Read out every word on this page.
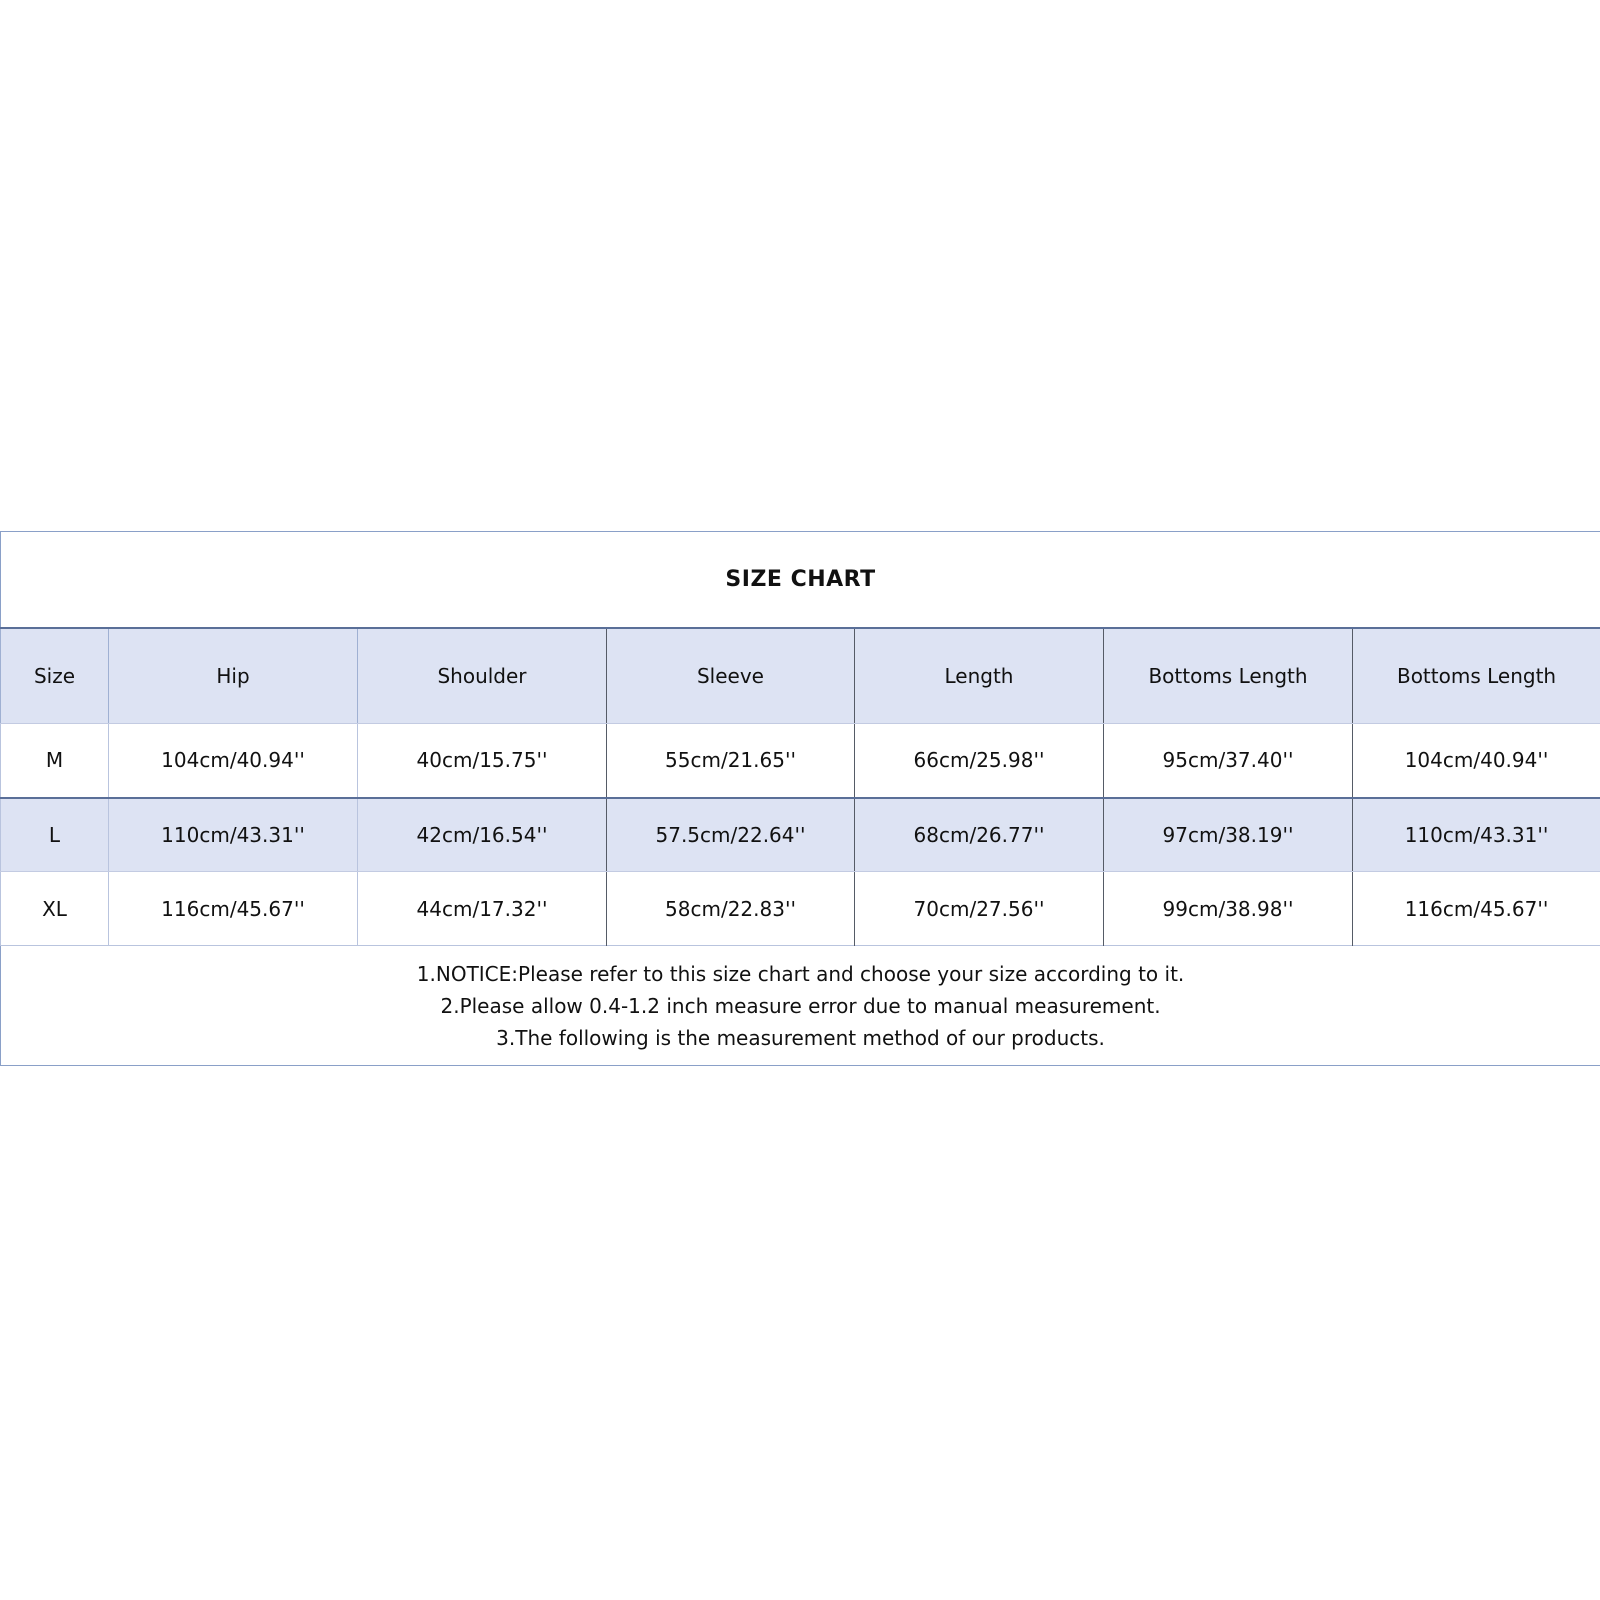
SIZE CHART						
Size	Hip	Shoulder	Sleeve	Length	Bottoms Length	Bottoms Length
M	104cm/40.94''	40cm/15.75''	55cm/21.65''	66cm/25.98''	95cm/37.40''	104cm/40.94''
L	110cm/43.31''	42cm/16.54''	57.5cm/22.64''	68cm/26.77''	97cm/38.19''	110cm/43.31''
XL	116cm/45.67''	44cm/17.32''	58cm/22.83''	70cm/27.56''	99cm/38.98''	116cm/45.67''

1.NOTICE:Please refer to this size chart and choose your size according to it.
2.Please allow 0.4-1.2 inch measure error due to manual measurement.
3.The following is the measurement method of our products.						
